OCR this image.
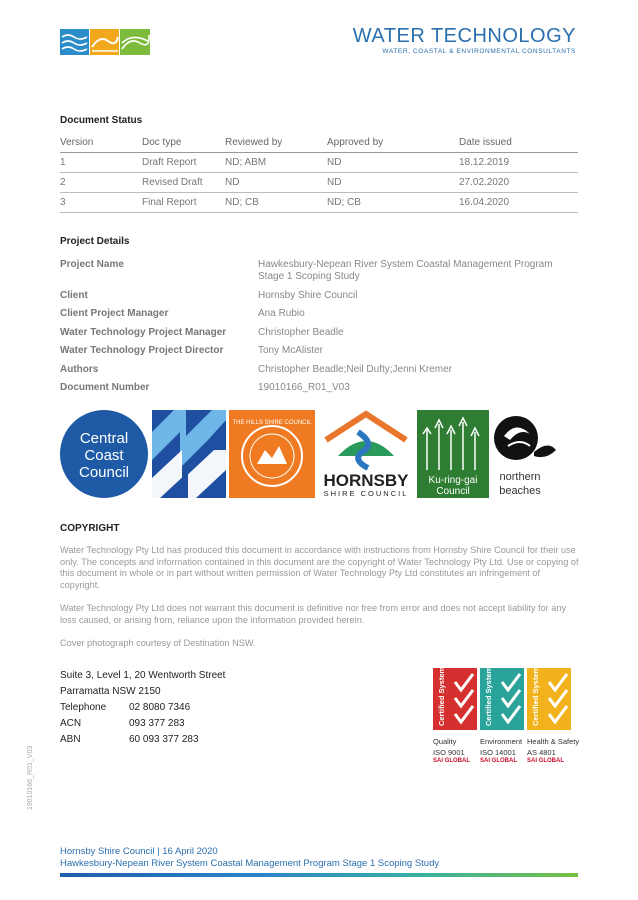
WATER TECHNOLOGY
WATER, COASTAL & ENVIRONMENTAL CONSULTANTS
Document Status
Version	Doc type	Reviewed by	Approved by	Date issued
1	Draft Report	ND; ABM	ND	18.12.2019
2	Revised Draft	ND	ND	27.02.2020
3	Final Report	ND; CB	ND; CB	16.04.2020
Project Details
Project Name	Hawkesbury-Nepean River System Coastal Management Program Stage 1 Scoping Study
Client	Hornsby Shire Council
Client Project Manager	Ana Rubio
Water Technology Project Manager	Christopher Beadle
Water Technology Project Director	Tony McAlister
Authors	Christopher Beadle;Neil Dufty;Jenni Kremer
Document Number	19010166_R01_V03
Central
Coast
Council
THE HILLS SHIRE COUNCIL
HORNSBY
SHIRE COUNCIL
Ku-ring-gai
Council
northern
beaches
COPYRIGHT

Water Technology Pty Ltd has produced this document in accordance with instructions from Hornsby Shire Council for their use only. The concepts and information contained in this document are the copyright of Water Technology Pty Ltd. Use or copying of this document in whole or in part without written permission of Water Technology Pty Ltd constitutes an infringement of copyright.

Water Technology Pty Ltd does not warrant this document is definitive nor free from error and does not accept liability for any loss caused, or arising from, reliance upon the information provided herein.

Cover photograph courtesy of Destination NSW.

Suite 3, Level 1, 20 Wentworth Street
Parramatta NSW 2150
Telephone 02 8080 7346
ACN	093 377 283
ABN	60 093 377 283
Certified System
Quality
ISO 9001
SAI GLOBAL
Certified System
Environment
ISO 14001
SAI GLOBAL
Certified System
Health & Safety
AS 4801
SAI GLOBAL
19010166_R01_V03
Hornsby Shire Council | 16 April 2020
Hawkesbury-Nepean River System Coastal Management Program Stage 1 Scoping Study
